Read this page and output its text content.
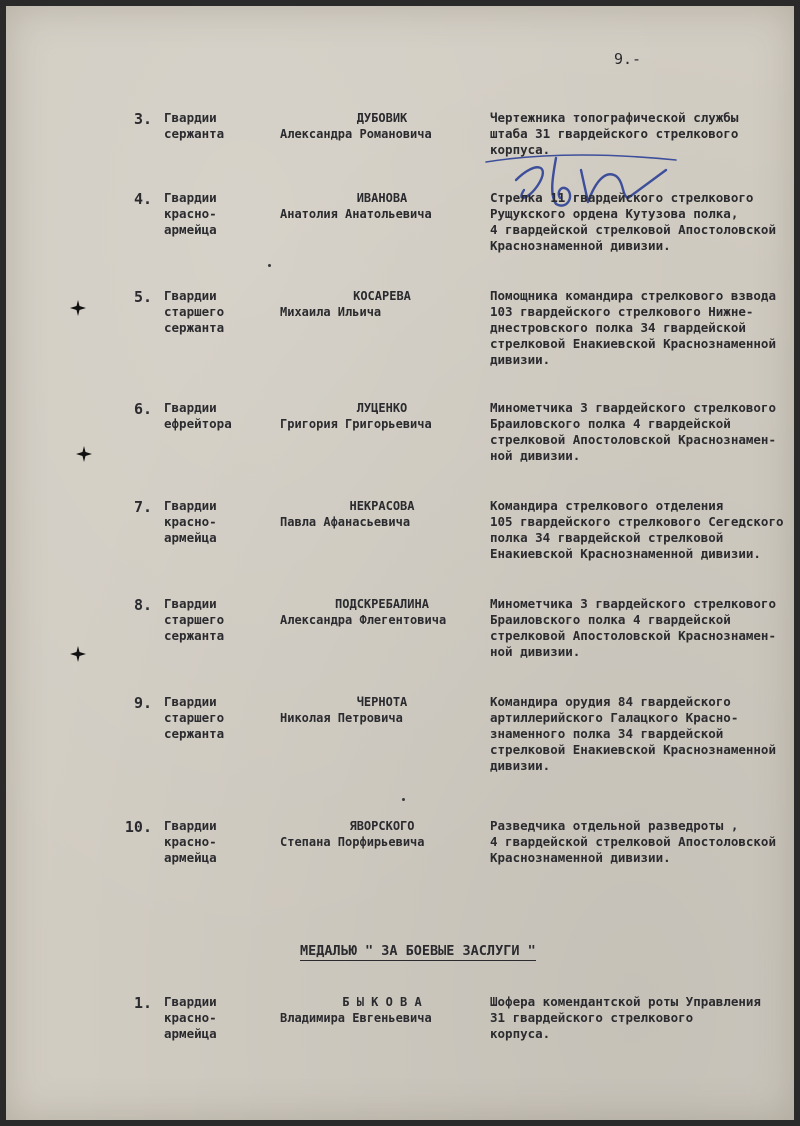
9.-
3. Гвардии
сержанта
ДУБОВИК
Александра Романовича
Чертежника топографической службы
штаба 31 гвардейского стрелкового
корпуса.
4. Гвардии
красно-
армейца
ИВАНОВА
Анатолия Анатольевича
Стрелка 11 гвардейского стрелкового
Рущукского ордена Кутузова полка,
4 гвардейской стрелковой Апостоловской
Краснознаменной дивизии.
5. Гвардии
старшего
сержанта
КОСАРЕВА
Михаила Ильича
Помощника командира стрелкового взвода
103 гвардейского стрелкового Нижне-
днестровского полка 34 гвардейской
стрелковой Енакиевской Краснознаменной
дивизии.
6. Гвардии
ефрейтора
ЛУЦЕНКО
Григория Григорьевича
Минометчика 3 гвардейского стрелкового
Браиловского полка 4 гвардейской
стрелковой Апостоловской Краснознамен-
ной дивизии.
7. Гвардии
красно-
армейца
НЕКРАСОВА
Павла Афанасьевича
Командира стрелкового отделения
105 гвардейского стрелкового Сегедского
полка 34 гвардейской стрелковой
Енакиевской Краснознаменной дивизии.
8. Гвардии
старшего
сержанта
ПОДСКРЕБАЛИНА
Александра Флегентовича
Минометчика 3 гвардейского стрелкового
Браиловского полка 4 гвардейской
стрелковой Апостоловской Краснознамен-
ной дивизии.
9. Гвардии
старшего
сержанта
ЧЕРНОТА
Николая Петровича
Командира орудия 84 гвардейского
артиллерийского Галацкого Красно-
знаменного полка 34 гвардейской
стрелковой Енакиевской Краснознаменной
дивизии.
10. Гвардии
красно-
армейца
ЯВОРСКОГО
Степана Порфирьевича
Разведчика отдельной разведроты ,
4 гвардейской стрелковой Апостоловской
Краснознаменной дивизии.
МЕДАЛЬЮ " ЗА БОЕВЫЕ ЗАСЛУГИ "
1. Гвардии
красно-
армейца
Б Ы К О В А
Владимира Евгеньевича
Шофера комендантской роты Управления
31 гвардейского стрелкового
корпуса.
